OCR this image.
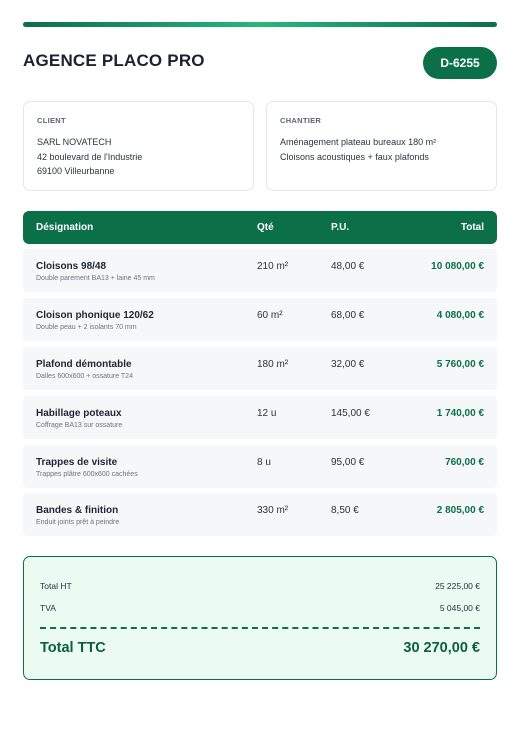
AGENCE PLACO PRO	D-6255
CLIENT
SARL NOVATECH
42 boulevard de l'Industrie
69100 Villeurbanne
CHANTIER
Aménagement plateau bureaux 180 m²
Cloisons acoustiques + faux plafonds
Désignation	Qté	P.U.	Total
Cloisons 98/48
Double parement BA13 + laine 45 mm
210 m²	48,00 €	10 080,00 €
Cloison phonique 120/62
Double peau + 2 isolants 70 mm
60 m²	68,00 €	4 080,00 €
Plafond démontable
Dalles 600x600 + ossature T24
180 m²	32,00 €	5 760,00 €
Habillage poteaux
Coffrage BA13 sur ossature
12 u	145,00 €	1 740,00 €
Trappes de visite
Trappes plâtre 600x600 cachées
8 u	95,00 €	760,00 €
Bandes & finition
Enduit joints prêt à peindre
330 m²	8,50 €	2 805,00 €
Total HT	25 225,00 €
TVA	5 045,00 €
Total TTC	30 270,00 €
